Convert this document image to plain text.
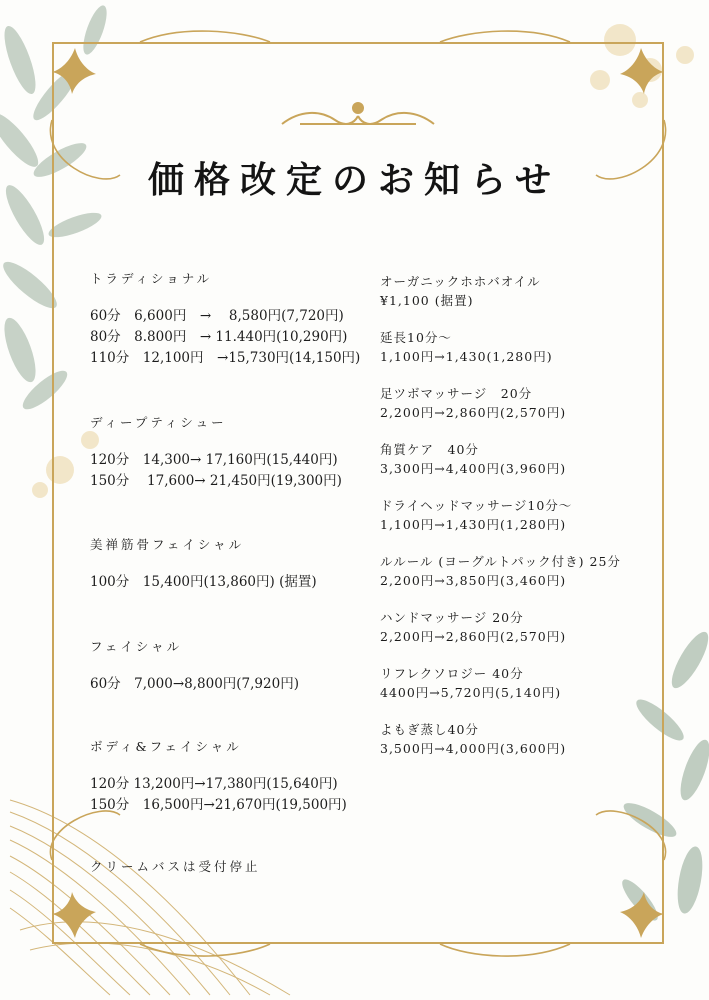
価格改定のお知らせ
トラディショナル
60分　6,600円　→　 8,580円(7,720円)
80分　8.800円　→ 11.440円(10,290円)
110分　12,100円　→15,730円(14,150円)
ディープティシュー
120分　14,300→ 17,160円(15,440円)
150分　 17,600→ 21,450円(19,300円)
美禅筋骨フェイシャル
100分　15,400円(13,860円) (据置)
フェイシャル
60分　7,000→8,800円(7,920円)
ボディ&フェイシャル
120分 13,200円→17,380円(15,640円)
150分　16,500円→21,670円(19,500円)
クリームバスは受付停止
オーガニックホホバオイル
¥1,100 (据置)
延長10分～
1,100円→1,430(1,280円)
足ツボマッサージ　20分
2,200円→2,860円(2,570円)
角質ケア　40分
3,300円→4,400円(3,960円)
ドライヘッドマッサージ10分～
1,100円→1,430円(1,280円)
ルルール (ヨーグルトパック付き) 25分
2,200円→3,850円(3,460円)
ハンドマッサージ 20分
2,200円→2,860円(2,570円)
リフレクソロジー 40分
4400円→5,720円(5,140円)
よもぎ蒸し40分
3,500円→4,000円(3,600円)
